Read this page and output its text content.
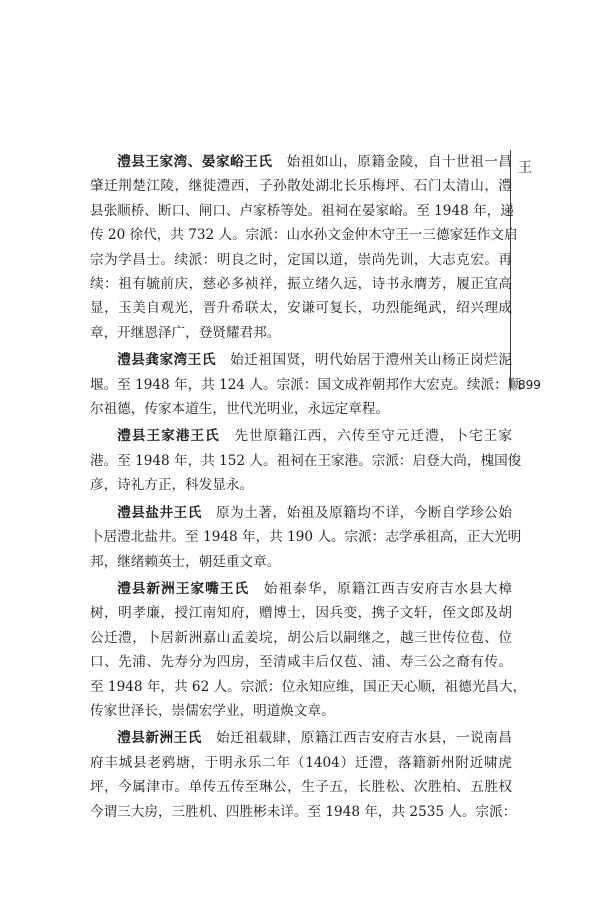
王
899
澧县王家湾、晏家峪王氏　 始祖如山，原籍金陵，自十世祖一昌
肇迁荆楚江陵，继徙澧西，子孙散处湖北长乐梅坪、石门太清山，澧
县张顺桥、断口、闸口、卢家桥等处。祖祠在晏家峪。至 1948 年，递
传 20 徐代，共 732 人。宗派：山水孙文金仲木守王一三德家廷作文启
宗为学昌士。续派：明良之时，定国以道，崇尚先训，大志克宏。再
续：祖有毓前庆，慈必多祯祥，振立绪久远，诗书永膺芳，履正宜高
显，玉美自观光，晋升希联太，安谦可复长，功烈能绳武，绍兴理成
章，开继恩泽广，登贤耀君邦。
澧县龚家湾王氏　 始迁祖国贤，明代始居于澧州关山杨正岗烂泥
堰。至 1948 年，共 124 人。宗派：国文成祚朝邦作大宏克。续派：顺
尔祖德，传家本道生，世代光明业，永远定章程。
澧县王家港王氏　 先世原籍江西，六传至守元迁澧，卜宅王家
港。至 1948 年，共 152 人。祖祠在王家港。宗派：启登大尚，槐国俊
彦，诗礼方正，科发显永。
澧县盐井王氏　 原为土著，始祖及原籍均不详，今断自学珍公始
卜居澧北盐井。至 1948 年，共 190 人。宗派：志学承祖高，正大光明
邦，继绪赖英士，朝廷重文章。
澧县新洲王家嘴王氏　 始祖泰华，原籍江西吉安府吉水县大樟
树，明孝廉，授江南知府，赠博士，因兵变，携子文轩，侄文郎及胡
公迁澧，卜居新洲嘉山孟姜垸，胡公后以嗣继之，越三世传位苞、位
口、先浦、先寿分为四房，至清咸丰后仅苞、浦、寿三公之裔有传。
至 1948 年，共 62 人。宗派：位永知应维，国正天心顺，祖德光昌大，
传家世泽长，崇儒宏学业，明道焕文章。
澧县新洲王氏　 始迁祖载肆，原籍江西吉安府吉水县，一说南昌
府丰城县老鸦塘，于明永乐二年（1404）迁澧，落籍新州附近啸虎
坪，今属津市。单传五传至琳公，生子五，长胜松、次胜柏、五胜权
今谓三大房，三胜机、四胜彬未详。至 1948 年，共 2535 人。宗派：
